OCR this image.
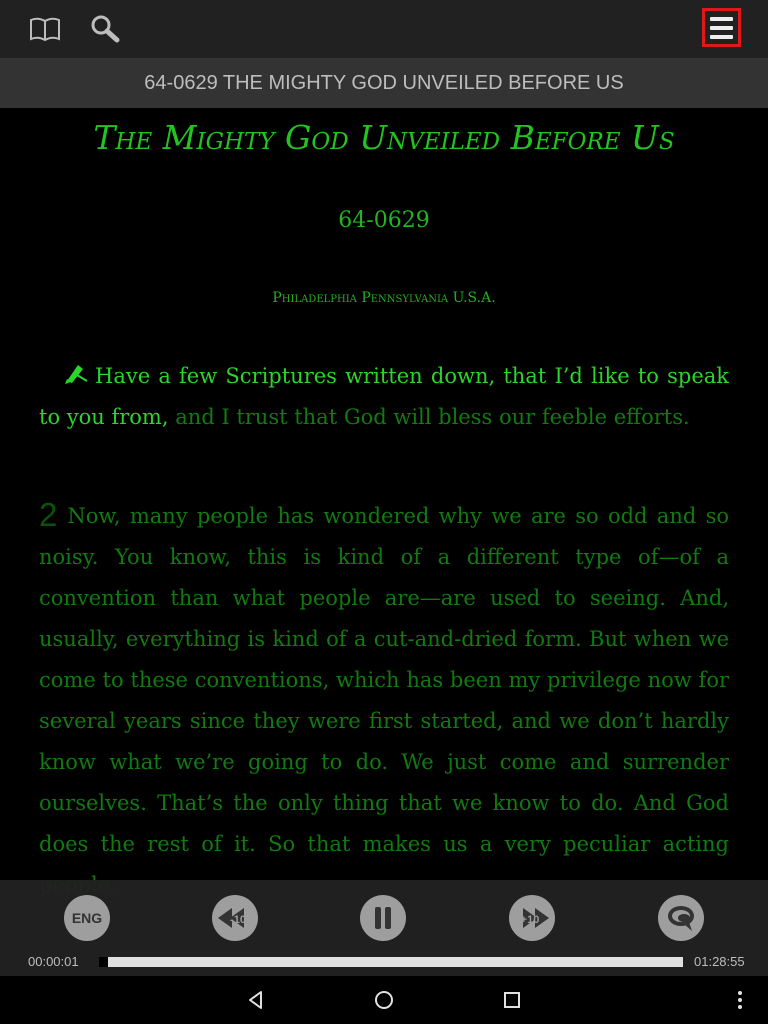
64-0629 THE MIGHTY GOD UNVEILED BEFORE US
The Mighty God Unveiled Before Us
64-0629
Philadelphia Pennsylvania U.S.A.

Have a few Scriptures written down, that I’d like to speak to you from, and I trust that God will bless our feeble efforts.

2 Now, many people has wondered why we are so odd and so noisy. You know, this is kind of a different type of—of a convention than what people are—are used to seeing. And, usually, everything is kind of a cut-and-dried form. But when we come to these conventions, which has been my privilege now for several years since they were first started, and we don’t hardly know what we’re going to do. We just come and surrender ourselves. That’s the only thing that we know to do. And God does the rest of it. So that makes us a very peculiar acting

ENG	-10	+10
00:00:01	01:28:55
